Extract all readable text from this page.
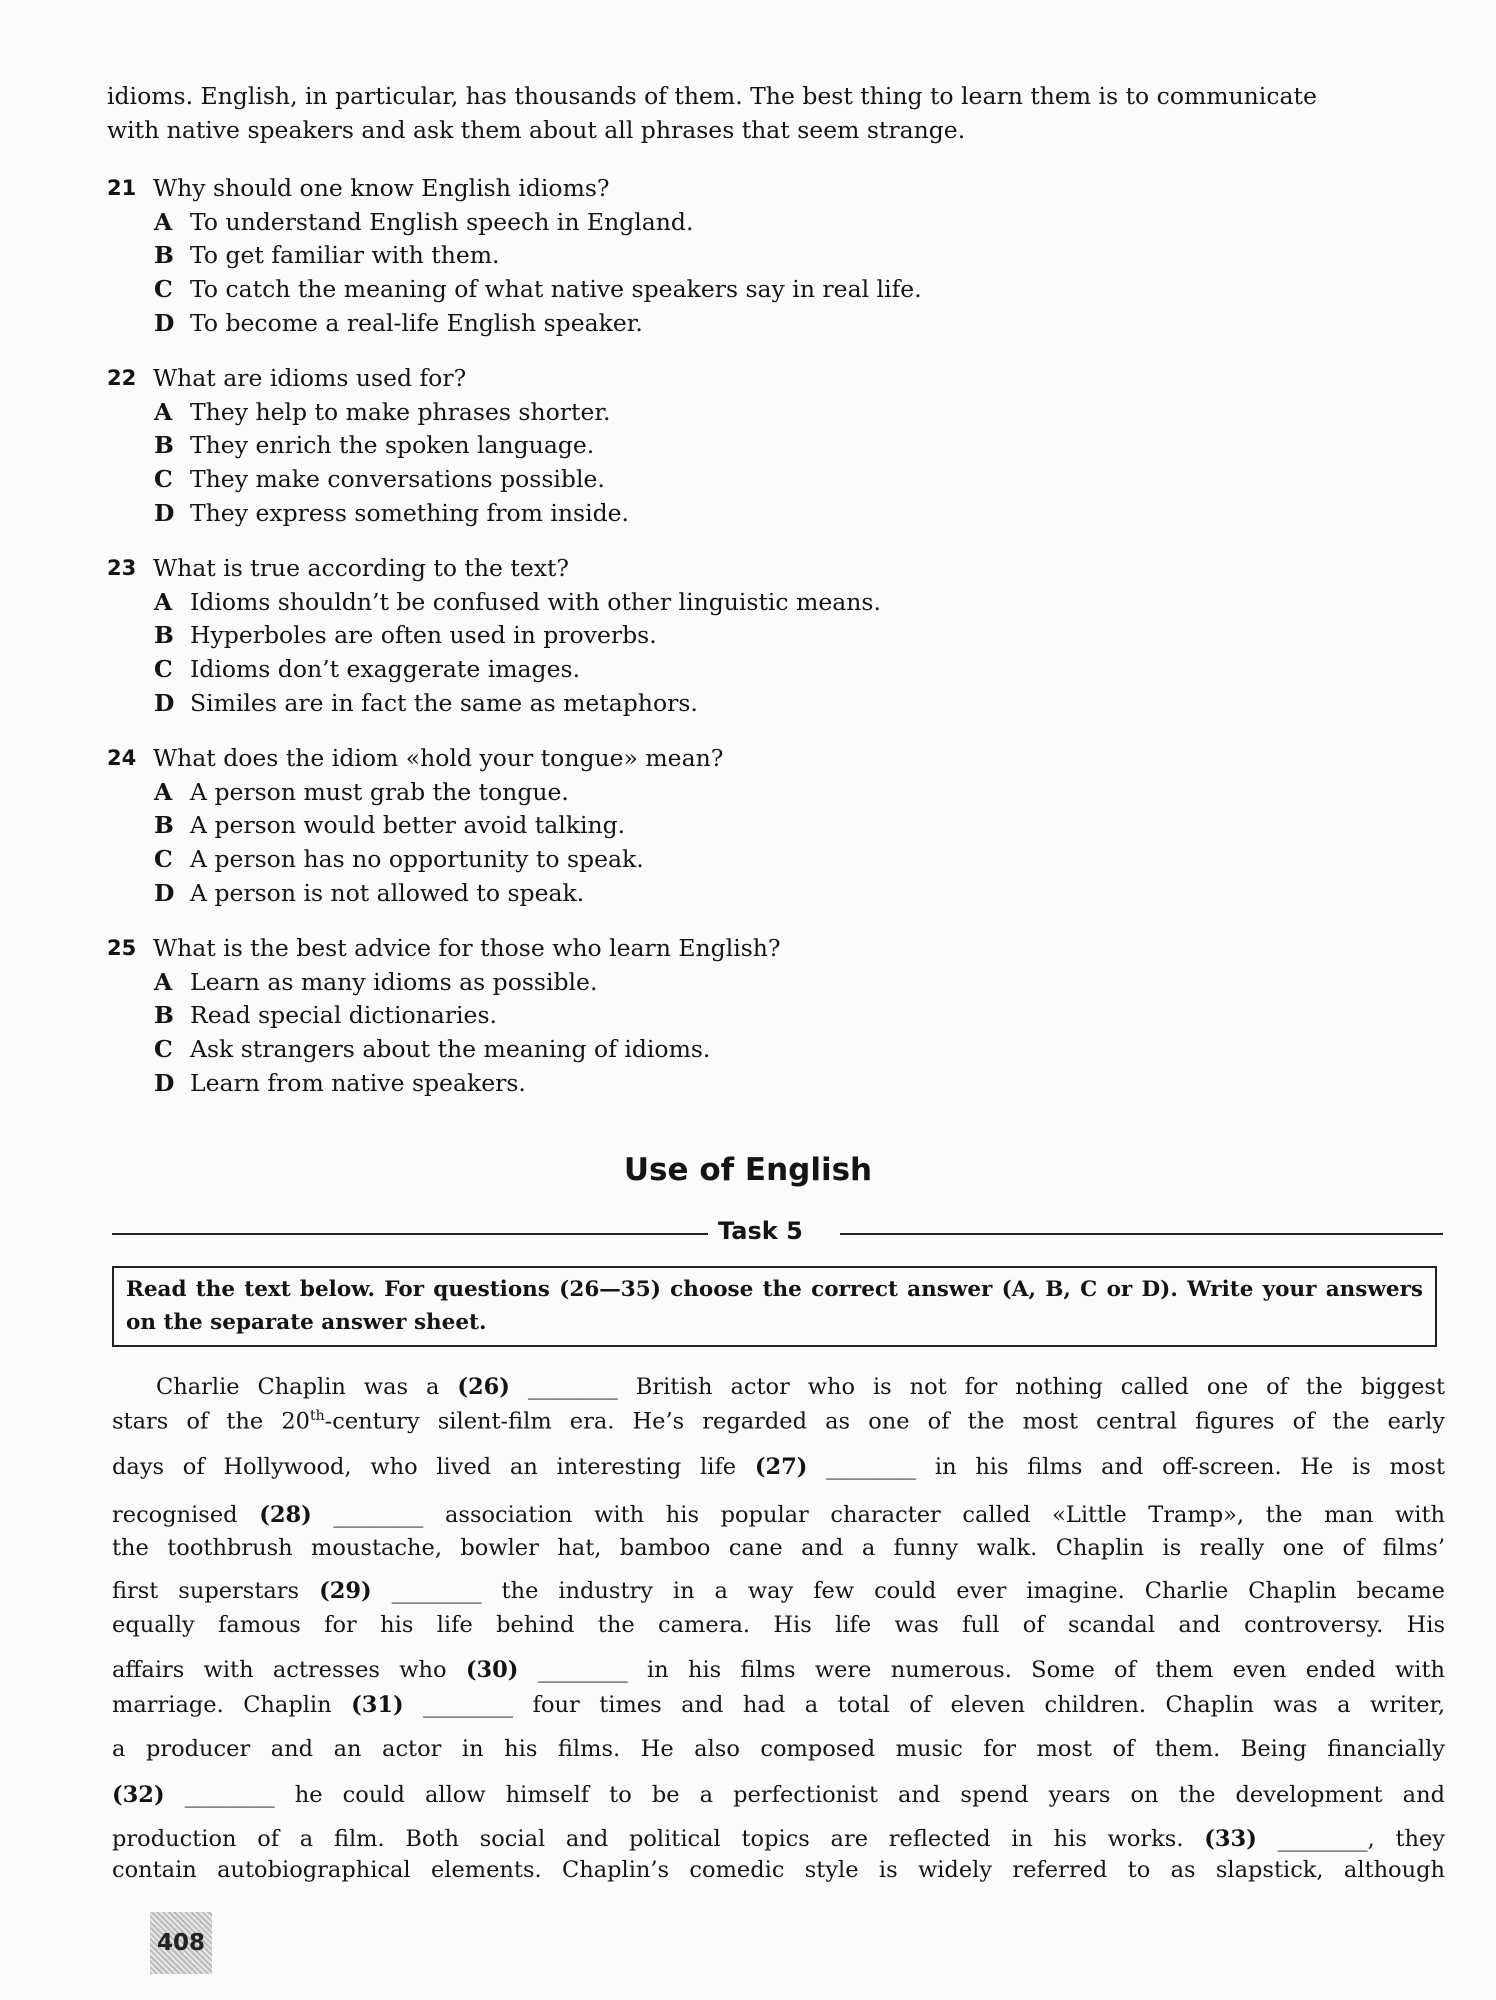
idioms. English, in particular, has thousands of them. The best thing to learn them is to communicate
with native speakers and ask them about all phrases that seem strange.
21 Why should one know English idioms?
A To understand English speech in England.
B To get familiar with them.
C To catch the meaning of what native speakers say in real life.
D To become a real-life English speaker.
22 What are idioms used for?
A They help to make phrases shorter.
B They enrich the spoken language.
C They make conversations possible.
D They express something from inside.
23 What is true according to the text?
A Idioms shouldn’t be confused with other linguistic means.
B Hyperboles are often used in proverbs.
C Idioms don’t exaggerate images.
D Similes are in fact the same as metaphors.
24 What does the idiom «hold your tongue» mean?
A A person must grab the tongue.
B A person would better avoid talking.
C A person has no opportunity to speak.
D A person is not allowed to speak.
25 What is the best advice for those who learn English?
A Learn as many idioms as possible.
B Read special dictionaries.
C Ask strangers about the meaning of idioms.
D Learn from native speakers.
Use of English
Task 5
Read the text below. For questions (26—35) choose the correct answer (A, B, C or D). Write your answers on the separate answer sheet.
Charlie Chaplin was a (26) ________ British actor who is not for nothing called one of the biggest
stars of the 20th-century silent-film era. He’s regarded as one of the most central figures of the early
days of Hollywood, who lived an interesting life (27) ________ in his films and off-screen. He is most
recognised (28) ________ association with his popular character called «Little Tramp», the man with
the toothbrush moustache, bowler hat, bamboo cane and a funny walk. Chaplin is really one of films’
first superstars (29) ________ the industry in a way few could ever imagine. Charlie Chaplin became
equally famous for his life behind the camera. His life was full of scandal and controversy. His
affairs with actresses who (30) ________ in his films were numerous. Some of them even ended with
marriage. Chaplin (31) ________ four times and had a total of eleven children. Chaplin was a writer,
a producer and an actor in his films. He also composed music for most of them. Being financially
(32) ________ he could allow himself to be a perfectionist and spend years on the development and
production of a film. Both social and political topics are reflected in his works. (33) ________, they
contain autobiographical elements. Chaplin’s comedic style is widely referred to as slapstick, although
408
